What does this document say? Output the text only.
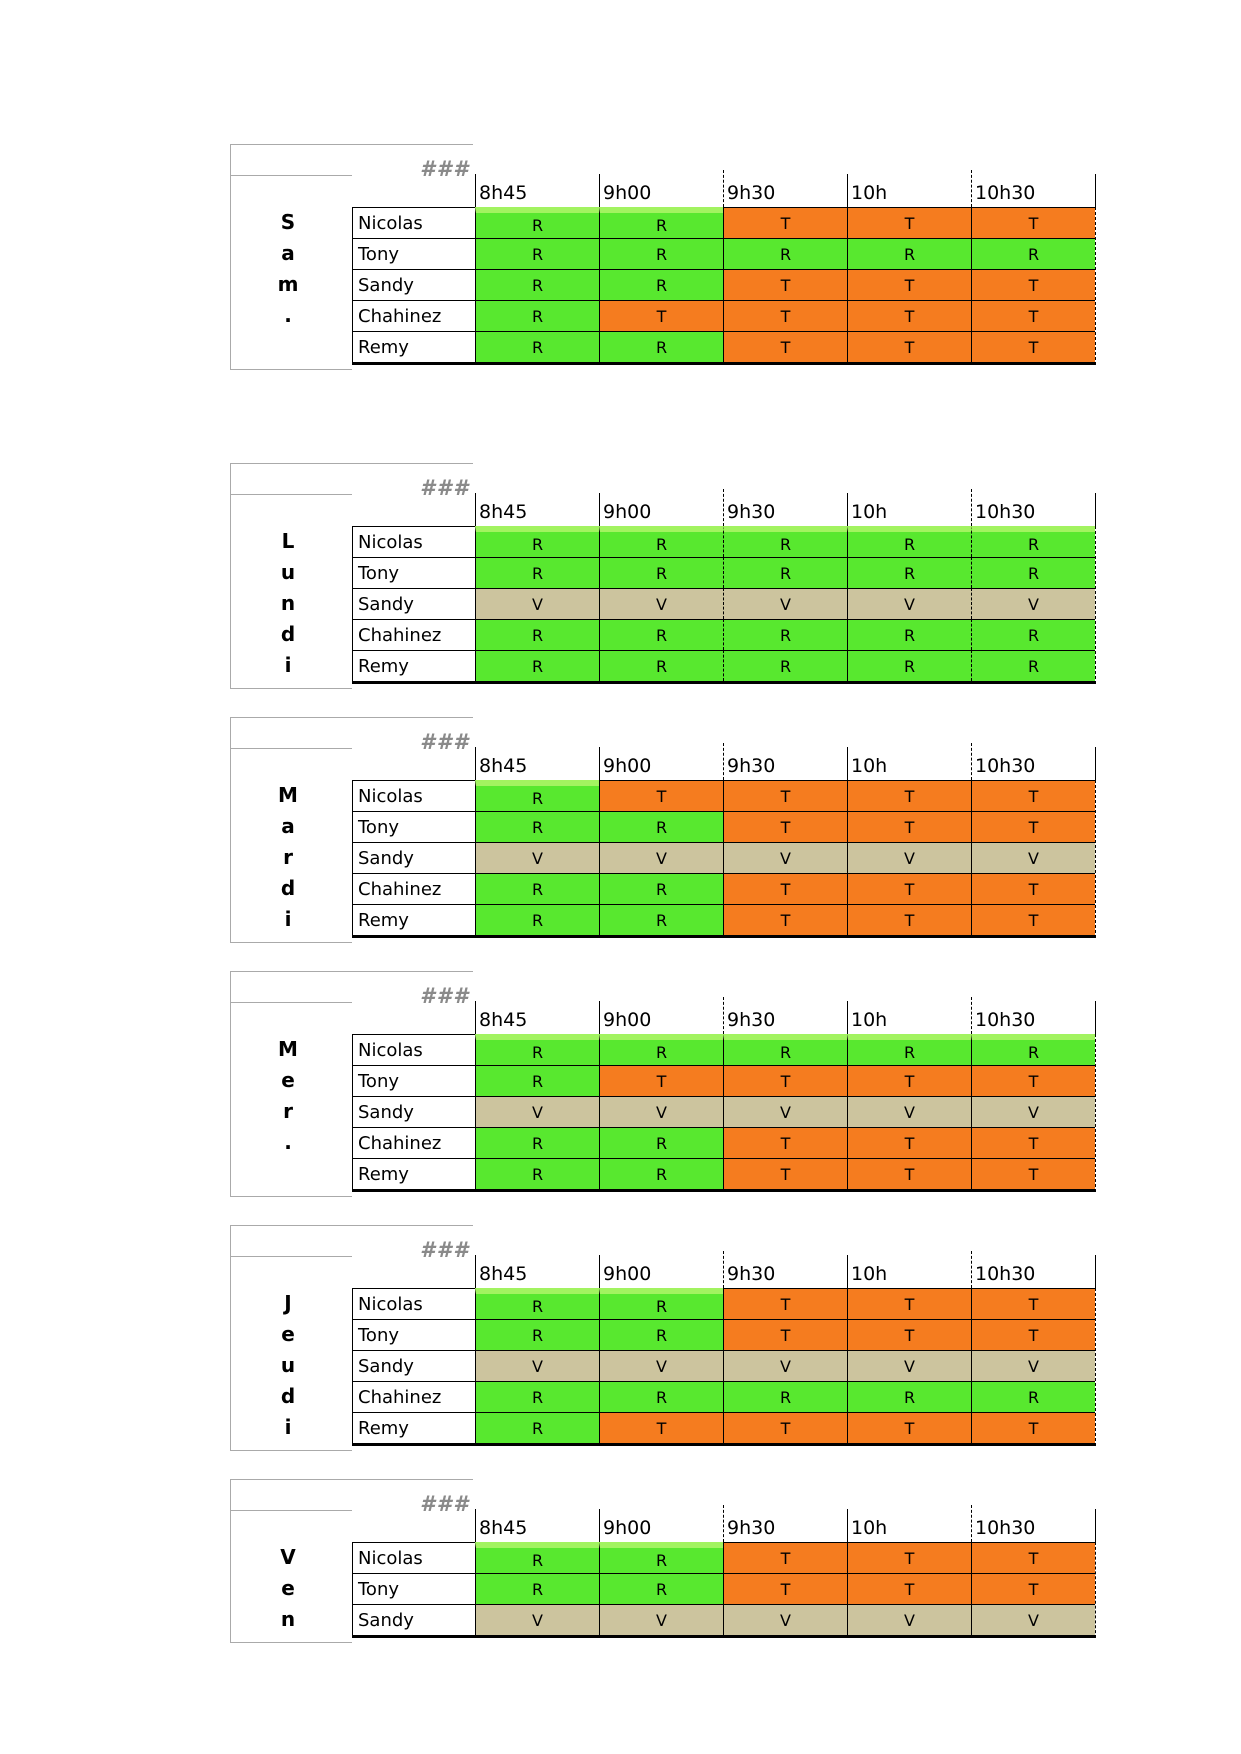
###
S
a
m
.
8h45	9h00	9h30	10h	10h30
Nicolas	R	R	T	T	T
Tony	R	R	R	R	R
Sandy	R	R	T	T	T
Chahinez	R	T	T	T	T
Remy	R	R	T	T	T
###
L
u
n
d
i
8h45	9h00	9h30	10h	10h30
Nicolas	R	R	R	R	R
Tony	R	R	R	R	R
Sandy	V	V	V	V	V
Chahinez	R	R	R	R	R
Remy	R	R	R	R	R
###
M
a
r
d
i
8h45	9h00	9h30	10h	10h30
Nicolas	R	T	T	T	T
Tony	R	R	T	T	T
Sandy	V	V	V	V	V
Chahinez	R	R	T	T	T
Remy	R	R	T	T	T
###
M
e
r
.
8h45	9h00	9h30	10h	10h30
Nicolas	R	R	R	R	R
Tony	R	T	T	T	T
Sandy	V	V	V	V	V
Chahinez	R	R	T	T	T
Remy	R	R	T	T	T
###
J
e
u
d
i
8h45	9h00	9h30	10h	10h30
Nicolas	R	R	T	T	T
Tony	R	R	T	T	T
Sandy	V	V	V	V	V
Chahinez	R	R	R	R	R
Remy	R	T	T	T	T
###
V
e
n
8h45	9h00	9h30	10h	10h30
Nicolas	R	R	T	T	T
Tony	R	R	T	T	T
Sandy	V	V	V	V	V
